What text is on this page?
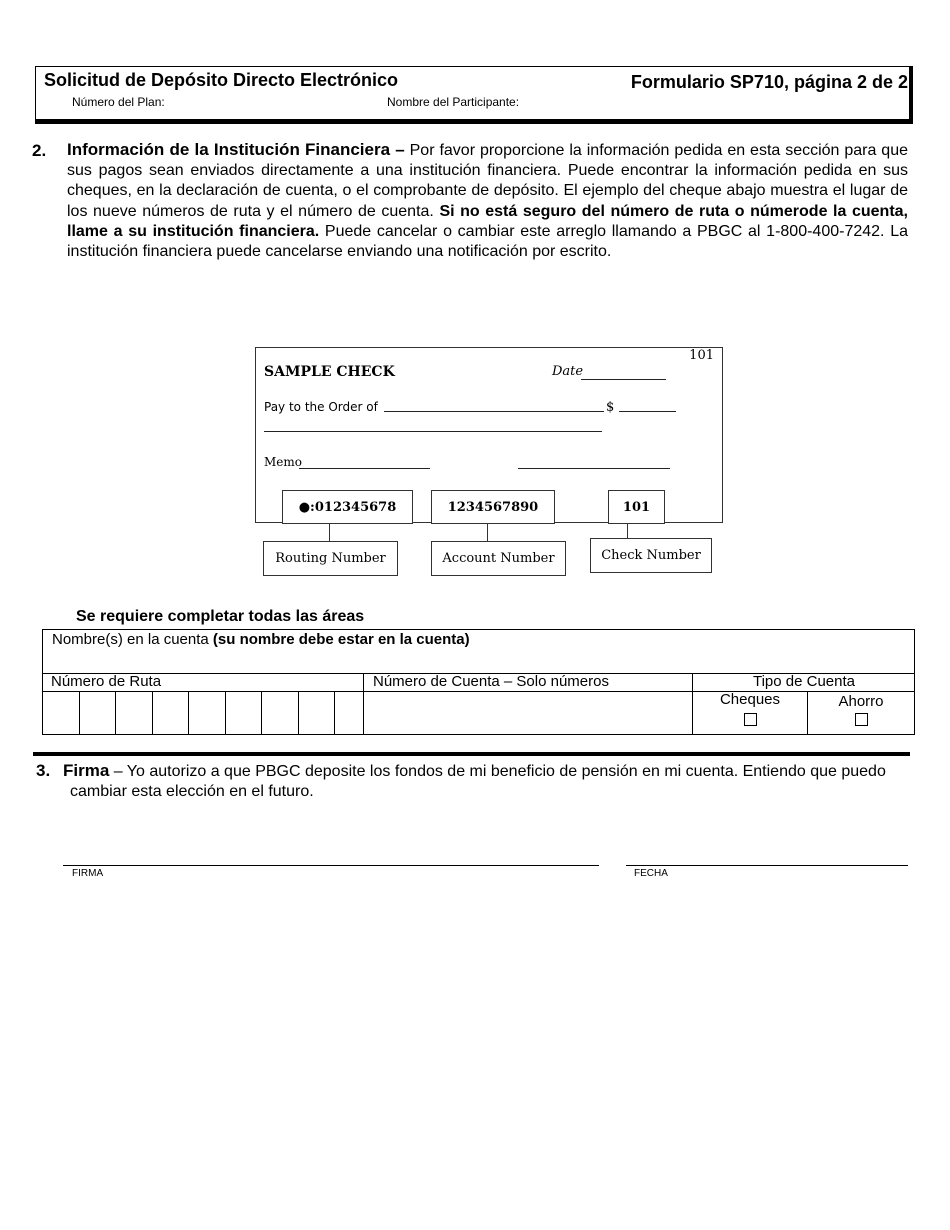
Solicitud de Depósito Directo Electrónico	Formulario SP710, página 2 de 2
Número del Plan:	Nombre del Participante:
2. Información de la Institución Financiera – Por favor proporcione la información pedida en esta sección para que sus pagos sean enviados directamente a una institución financiera. Puede encontrar la información pedida en sus cheques, en la declaración de cuenta, o el comprobante de depósito. El ejemplo del cheque abajo muestra el lugar de los nueve números de ruta y el número de cuenta. Si no está seguro del número de ruta o númerode la cuenta, llame a su institución financiera. Puede cancelar o cambiar este arreglo llamando a PBGC al 1-800-400-7242. La institución financiera puede cancelarse enviando una notificación por escrito.
101
SAMPLE CHECK	Date
Pay to the Order of	$
Memo
●:012345678	1234567890	101
Routing Number	Account Number	Check Number
Se requiere completar todas las áreas
Nombre(s) en la cuenta (su nombre debe estar en la cuenta)
Número de Ruta	Número de Cuenta – Solo números	Tipo de Cuenta
Cheques	Ahorro
3. Firma – Yo autorizo a que PBGC deposite los fondos de mi beneficio de pensión en mi cuenta. Entiendo que puedo cambiar esta elección en el futuro.
FIRMA	FECHA
